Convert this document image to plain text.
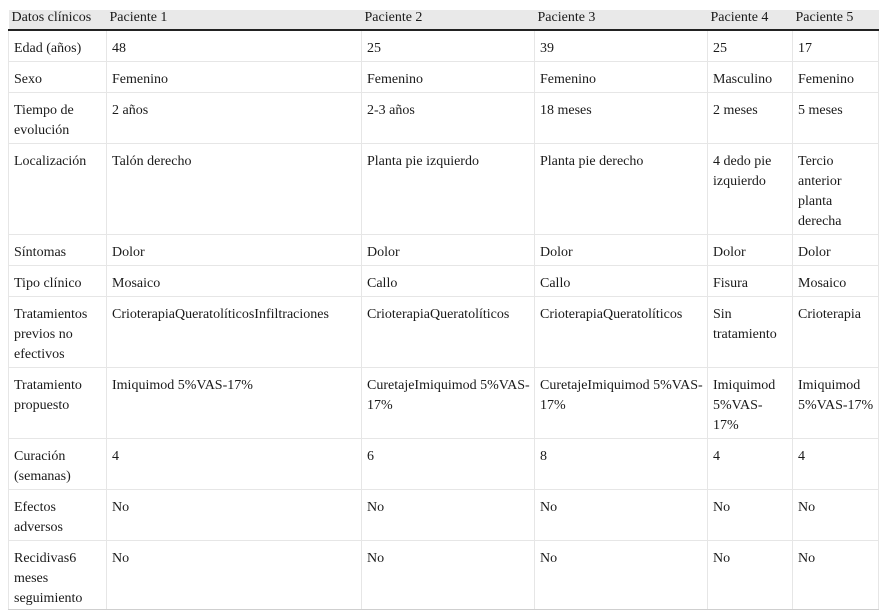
Datos clínicos	Paciente 1	Paciente 2	Paciente 3	Paciente 4	Paciente 5
Edad (años)	48	25	39	25	17
Sexo	Femenino	Femenino	Femenino	Masculino	Femenino
Tiempo de evolución	2 años	2-3 años	18 meses	2 meses	5 meses
Localización	Talón derecho	Planta pie izquierdo	Planta pie derecho	4 dedo pie izquierdo	Tercio anterior planta derecha
Síntomas	Dolor	Dolor	Dolor	Dolor	Dolor
Tipo clínico	Mosaico	Callo	Callo	Fisura	Mosaico
Tratamientos previos no efectivos	CrioterapiaQueratolíticosInfiltraciones	CrioterapiaQueratolíticos	CrioterapiaQueratolíticos	Sin tratamiento	Crioterapia
Tratamiento propuesto	Imiquimod 5%VAS-17%	CuretajeImiquimod 5%VAS-17%	CuretajeImiquimod 5%VAS-17%	Imiquimod 5%VAS-17%	Imiquimod 5%VAS-17%
Curación (semanas)	4	6	8	4	4
Efectos adversos	No	No	No	No	No
Recidivas6 meses seguimiento	No	No	No	No	No
